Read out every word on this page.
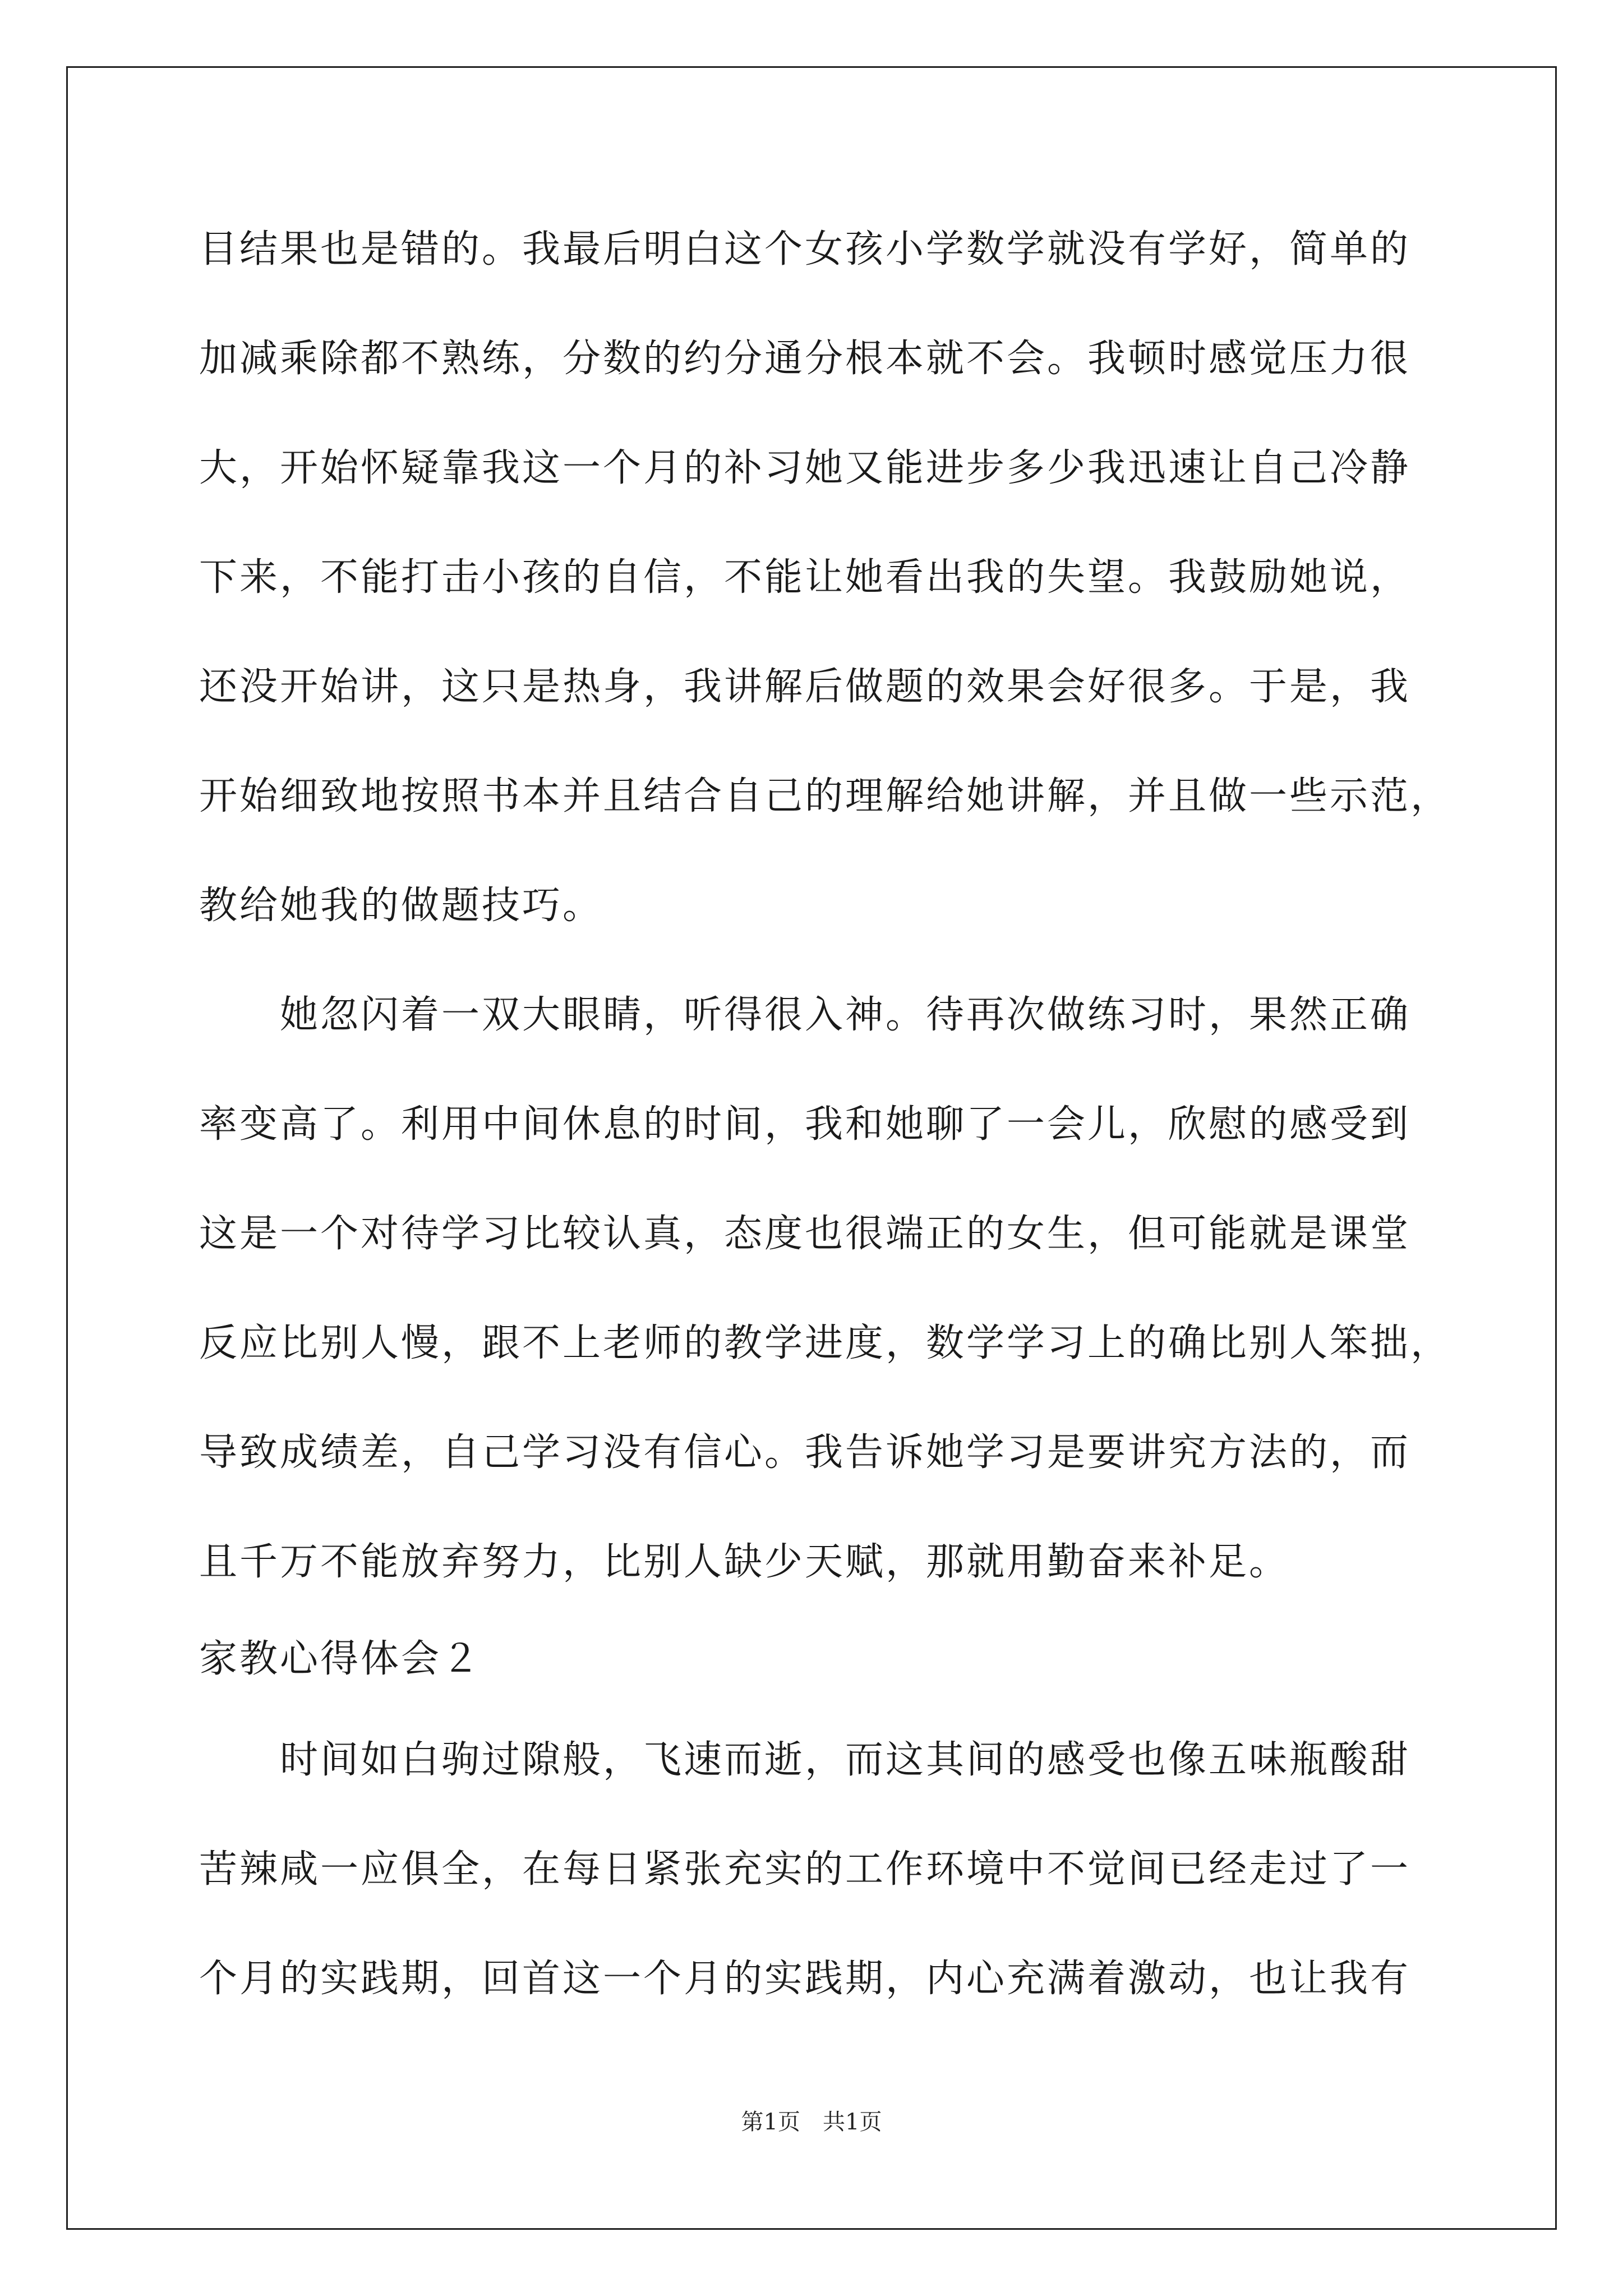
目结果也是错的。我最后明白这个女孩小学数学就没有学好，简单的
加减乘除都不熟练，分数的约分通分根本就不会。我顿时感觉压力很
大，开始怀疑靠我这一个月的补习她又能进步多少我迅速让自己冷静
下来，不能打击小孩的自信，不能让她看出我的失望。我鼓励她说，
还没开始讲，这只是热身，我讲解后做题的效果会好很多。于是，我
开始细致地按照书本并且结合自己的理解给她讲解，并且做一些示范，
教给她我的做题技巧。
　　她忽闪着一双大眼睛，听得很入神。待再次做练习时，果然正确
率变高了。利用中间休息的时间，我和她聊了一会儿，欣慰的感受到
这是一个对待学习比较认真，态度也很端正的女生，但可能就是课堂
反应比别人慢，跟不上老师的教学进度，数学学习上的确比别人笨拙，
导致成绩差，自己学习没有信心。我告诉她学习是要讲究方法的，而
且千万不能放弃努力，比别人缺少天赋，那就用勤奋来补足。
家教心得体会２
　　时间如白驹过隙般，飞速而逝，而这其间的感受也像五味瓶酸甜
苦辣咸一应俱全，在每日紧张充实的工作环境中不觉间已经走过了一
个月的实践期，回首这一个月的实践期，内心充满着激动，也让我有
第1页　共1页
